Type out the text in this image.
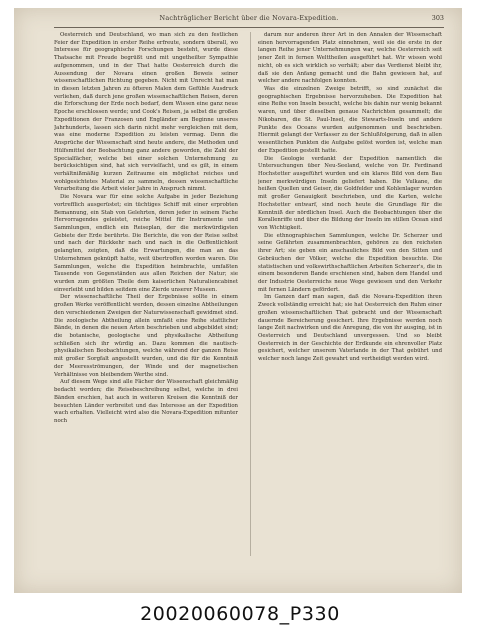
Nachträglicher Bericht über die Novara-Expedition.	303

Oesterreich und Deutschland, wo man sich zu den festlichen Feier der Expedition in erster Reihe erfreute, sondern überall, wo Interesse für geographische Forschungen besteht, wurde diese Thatsache mit Freude begrüßt und mit ungetheilter Sympathie aufgenommen, und in der That hatte Oesterreich durch die Aussendung der Novara einen großen Beweis seiner wissenschaftlichen Richtung gegeben. Nicht mit Unrecht hat man in diesen letzten Jahren zu öfteren Malen dem Gefühle Ausdruck verliehen, daß durch jene großen wissenschaftlichen Reisen, deren die Erforschung der Erde noch bedarf, dem Wissen eine ganz neue Epoche erschlossen werde; und Cook's Reisen, ja selbst die großen Expeditionen der Franzosen und Engländer am Beginne unseres Jahrhunderts, lassen sich darin nicht mehr vergleichen mit dem, was eine moderne Expedition zu leisten vermag. Denn die Ansprüche der Wissenschaft sind heute andere, die Methoden und Hülfsmittel der Beobachtung ganz andere geworden, die Zahl der Specialfächer, welche bei einer solchen Unternehmung zu berücksichtigen sind, hat sich vervielfacht, und es gilt, in einem verhältnißmäßig kurzen Zeitraume ein möglichst reiches und wohlgesichtetes Material zu sammeln, dessen wissenschaftliche Verarbeitung die Arbeit vieler Jahre in Anspruch nimmt.

Die Novara war für eine solche Aufgabe in jeder Beziehung vortrefflich ausgerüstet; ein tüchtiges Schiff mit einer erprobten Bemannung, ein Stab von Gelehrten, deren jeder in seinem Fache Hervorragendes geleistet, reiche Mittel für Instrumente und Sammlungen, endlich ein Reiseplan, der die merkwürdigsten Gebiete der Erde berührte. Die Berichte, die von der Reise selbst und nach der Rückkehr nach und nach in die Oeffentlichkeit gelangten, zeigten, daß die Erwartungen, die man an das Unternehmen geknüpft hatte, weit übertroffen worden waren. Die Sammlungen, welche die Expedition heimbrachte, umfaßten Tausende von Gegenständen aus allen Reichen der Natur; sie wurden zum größten Theile dem kaiserlichen Naturaliencabinet einverleibt und bilden seitdem eine Zierde unserer Museen.

Der wissenschaftliche Theil der Ergebnisse sollte in einem großen Werke veröffentlicht werden, dessen einzelne Abtheilungen den verschiedenen Zweigen der Naturwissenschaft gewidmet sind. Die zoologische Abtheilung allein umfaßt eine Reihe stattlicher Bände, in denen die neuen Arten beschrieben und abgebildet sind; die botanische, geologische und physikalische Abtheilung schließen sich ihr würdig an. Dazu kommen die nautisch-physikalischen Beobachtungen, welche während der ganzen Reise mit großer Sorgfalt angestellt wurden, und die für die Kenntniß der Meeresströmungen, der Winde und der magnetischen Verhältnisse von bleibendem Werthe sind.

Auf diesem Wege sind alle Fächer der Wissenschaft gleichmäßig bedacht worden; die Reisebeschreibung selbst, welche in drei Bänden erschien, hat auch in weiteren Kreisen die Kenntniß der besuchten Länder verbreitet und das Interesse an der Expedition wach erhalten. Vielleicht wird also die Novara-Expedition mitunter noch

darum nur anderen ihrer Art in den Annalen der Wissenschaft einen hervorragenden Platz einnehmen, weil sie die erste in der langen Reihe jener Unternehmungen war, welche Oesterreich seit jener Zeit in fernen Welttheilen ausgeführt hat. Wir wissen wohl nicht, ob es sich wirklich so verhält; aber das Verdienst bleibt ihr, daß sie den Anfang gemacht und die Bahn gewiesen hat, auf welcher andere nachfolgen konnten.

Was die einzelnen Zweige betrifft, so sind zunächst die geographischen Ergebnisse hervorzuheben. Die Expedition hat eine Reihe von Inseln besucht, welche bis dahin nur wenig bekannt waren, und über dieselben genaue Nachrichten gesammelt; die Nikobaren, die St. Paul-Insel, die Stewarts-Inseln und andere Punkte des Oceans wurden aufgenommen und beschrieben. Hiermit gelangt der Verfasser zu der Schlußfolgerung, daß in allen wesentlichen Punkten die Aufgabe gelöst worden ist, welche man der Expedition gestellt hatte.

Die Geologie verdankt der Expedition namentlich die Untersuchungen über Neu-Seeland, welche von Dr. Ferdinand Hochstetter ausgeführt wurden und ein klares Bild von dem Bau jener merkwürdigen Inseln geliefert haben. Die Vulkane, die heißen Quellen und Geiser, die Goldfelder und Kohlenlager wurden mit großer Genauigkeit beschrieben, und die Karten, welche Hochstetter entwarf, sind noch heute die Grundlage für die Kenntniß der nördlichen Insel. Auch die Beobachtungen über die Korallenriffe und über die Bildung der Inseln im stillen Ocean sind von Wichtigkeit.

Die ethnographischen Sammlungen, welche Dr. Scherzer und seine Gefährten zusammenbrachten, gehören zu den reichsten ihrer Art; sie geben ein anschauliches Bild von den Sitten und Gebräuchen der Völker, welche die Expedition besuchte. Die statistischen und volkswirthschaftlichen Arbeiten Scherzer's, die in einem besonderen Bande erschienen sind, haben dem Handel und der Industrie Oesterreichs neue Wege gewiesen und den Verkehr mit fernen Ländern gefördert.

Im Ganzen darf man sagen, daß die Novara-Expedition ihren Zweck vollständig erreicht hat; sie hat Oesterreich den Ruhm einer großen wissenschaftlichen That gebracht und der Wissenschaft dauernde Bereicherung gesichert. Ihre Ergebnisse werden noch lange Zeit nachwirken und die Anregung, die von ihr ausging, ist in Oesterreich und Deutschland unvergessen. Und so bleibt Oesterreich in der Geschichte der Erdkunde ein ehrenvoller Platz gesichert, welcher unserem Vaterlande in der That gebührt und welcher noch lange Zeit gewahrt und vertheidigt werden wird.

20020060078_P330
